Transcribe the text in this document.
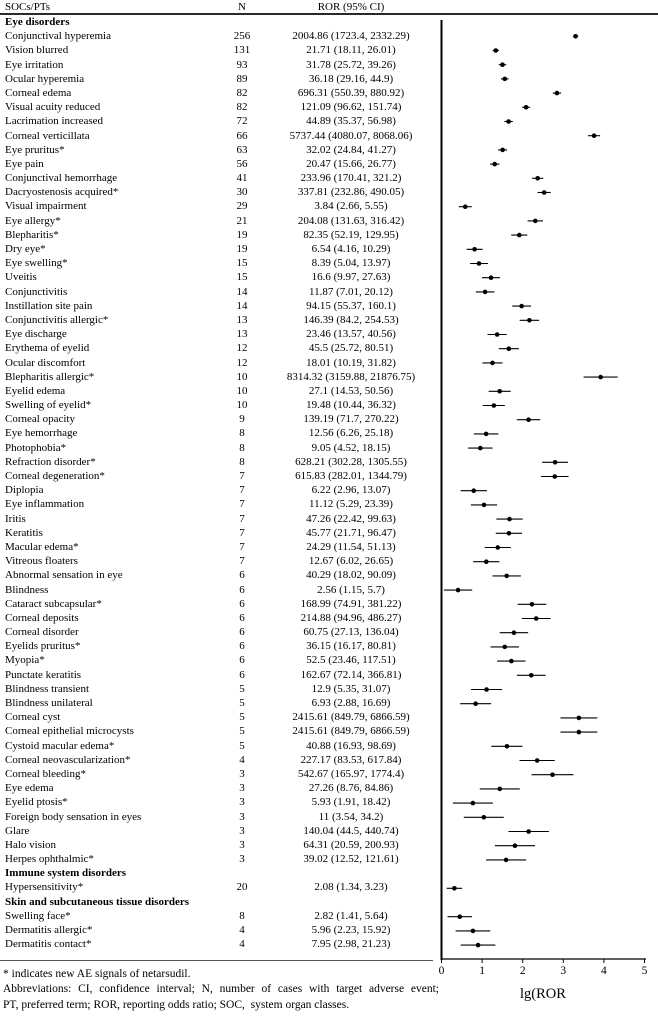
SOCs/PTs	N	ROR (95% CI)
Eye disorders
Conjunctival hyperemia	256	2004.86 (1723.4, 2332.29)
Vision blurred	131	21.71 (18.11, 26.01)
Eye irritation	93	31.78 (25.72, 39.26)
Ocular hyperemia	89	36.18 (29.16, 44.9)
Corneal edema	82	696.31 (550.39, 880.92)
Visual acuity reduced	82	121.09 (96.62, 151.74)
Lacrimation increased	72	44.89 (35.37, 56.98)
Corneal verticillata	66	5737.44 (4080.07, 8068.06)
Eye pruritus*	63	32.02 (24.84, 41.27)
Eye pain	56	20.47 (15.66, 26.77)
Conjunctival hemorrhage	41	233.96 (170.41, 321.2)
Dacryostenosis acquired*	30	337.81 (232.86, 490.05)
Visual impairment	29	3.84 (2.66, 5.55)
Eye allergy*	21	204.08 (131.63, 316.42)
Blepharitis*	19	82.35 (52.19, 129.95)
Dry eye*	19	6.54 (4.16, 10.29)
Eye swelling*	15	8.39 (5.04, 13.97)
Uveitis	15	16.6 (9.97, 27.63)
Conjunctivitis	14	11.87 (7.01, 20.12)
Instillation site pain	14	94.15 (55.37, 160.1)
Conjunctivitis allergic*	13	146.39 (84.2, 254.53)
Eye discharge	13	23.46 (13.57, 40.56)
Erythema of eyelid	12	45.5 (25.72, 80.51)
Ocular discomfort	12	18.01 (10.19, 31.82)
Blepharitis allergic*	10	8314.32 (3159.88, 21876.75)
Eyelid edema	10	27.1 (14.53, 50.56)
Swelling of eyelid*	10	19.48 (10.44, 36.32)
Corneal opacity	9	139.19 (71.7, 270.22)
Eye hemorrhage	8	12.56 (6.26, 25.18)
Photophobia*	8	9.05 (4.52, 18.15)
Refraction disorder*	8	628.21 (302.28, 1305.55)
Corneal degeneration*	7	615.83 (282.01, 1344.79)
Diplopia	7	6.22 (2.96, 13.07)
Eye inflammation	7	11.12 (5.29, 23.39)
Iritis	7	47.26 (22.42, 99.63)
Keratitis	7	45.77 (21.71, 96.47)
Macular edema*	7	24.29 (11.54, 51.13)
Vitreous floaters	7	12.67 (6.02, 26.65)
Abnormal sensation in eye	6	40.29 (18.02, 90.09)
Blindness	6	2.56 (1.15, 5.7)
Cataract subcapsular*	6	168.99 (74.91, 381.22)
Corneal deposits	6	214.88 (94.96, 486.27)
Corneal disorder	6	60.75 (27.13, 136.04)
Eyelids pruritus*	6	36.15 (16.17, 80.81)
Myopia*	6	52.5 (23.46, 117.51)
Punctate keratitis	6	162.67 (72.14, 366.81)
Blindness transient	5	12.9 (5.35, 31.07)
Blindness unilateral	5	6.93 (2.88, 16.69)
Corneal cyst	5	2415.61 (849.79, 6866.59)
Corneal epithelial microcysts	5	2415.61 (849.79, 6866.59)
Cystoid macular edema*	5	40.88 (16.93, 98.69)
Corneal neovascularization*	4	227.17 (83.53, 617.84)
Corneal bleeding*	3	542.67 (165.97, 1774.4)
Eye edema	3	27.26 (8.76, 84.86)
Eyelid ptosis*	3	5.93 (1.91, 18.42)
Foreign body sensation in eyes	3	11 (3.54, 34.2)
Glare	3	140.04 (44.5, 440.74)
Halo vision	3	64.31 (20.59, 200.93)
Herpes ophthalmic*	3	39.02 (12.52, 121.61)
Immune system disorders
Hypersensitivity*	20	2.08 (1.34, 3.23)
Skin and subcutaneous tissue disorders
Swelling face*	8	2.82 (1.41, 5.64)
Dermatitis allergic*	4	5.96 (2.23, 15.92)
Dermatitis contact*	4	7.95 (2.98, 21.23)
0	1	2	3	4	5
lg(ROR
* indicates new AE signals of netarsudil.
Abbreviations: CI, confidence interval; N, number of cases with target adverse event;
PT, preferred term; ROR, reporting odds ratio; SOC,  system organ classes.
